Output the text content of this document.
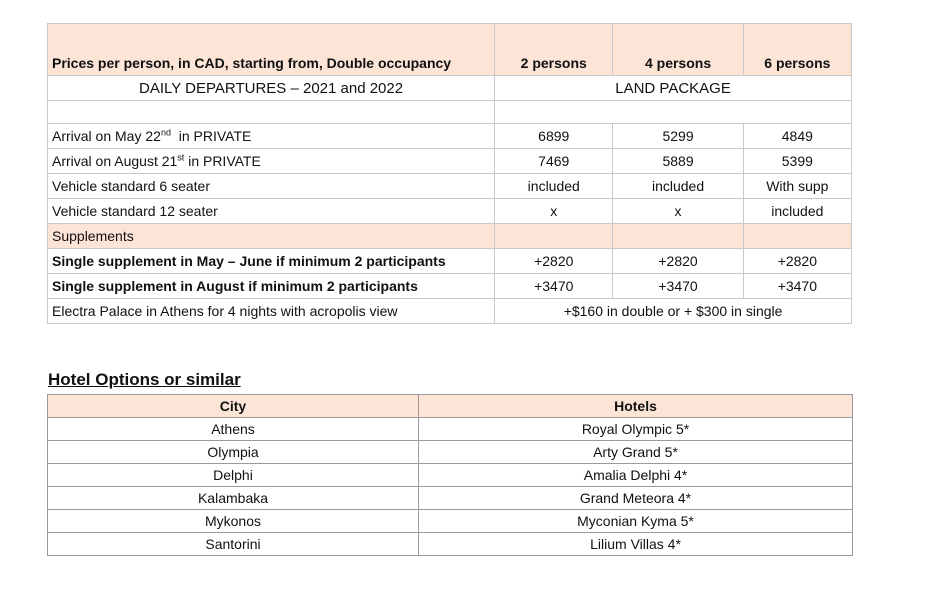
Prices per person, in CAD, starting from, Double occupancy	2 persons	4 persons	6 persons
DAILY DEPARTURES – 2021 and 2022	LAND PACKAGE		

Arrival on May 22nd  in PRIVATE	6899	5299	4849
Arrival on August 21st in PRIVATE	7469	5889	5399
Vehicle standard 6 seater	included	included	With supp
Vehicle standard 12 seater	x	x	included
Supplements			
Single supplement in May – June if minimum 2 participants	+2820	+2820	+2820
Single supplement in August if minimum 2 participants	+3470	+3470	+3470
Electra Palace in Athens for 4 nights with acropolis view	+$160 in double or + $300 in single		
Hotel Options or similar
City	Hotels
Athens	Royal Olympic 5*
Olympia	Arty Grand 5*
Delphi	Amalia Delphi 4*
Kalambaka	Grand Meteora 4*
Mykonos	Myconian Kyma 5*
Santorini	Lilium Villas 4*
